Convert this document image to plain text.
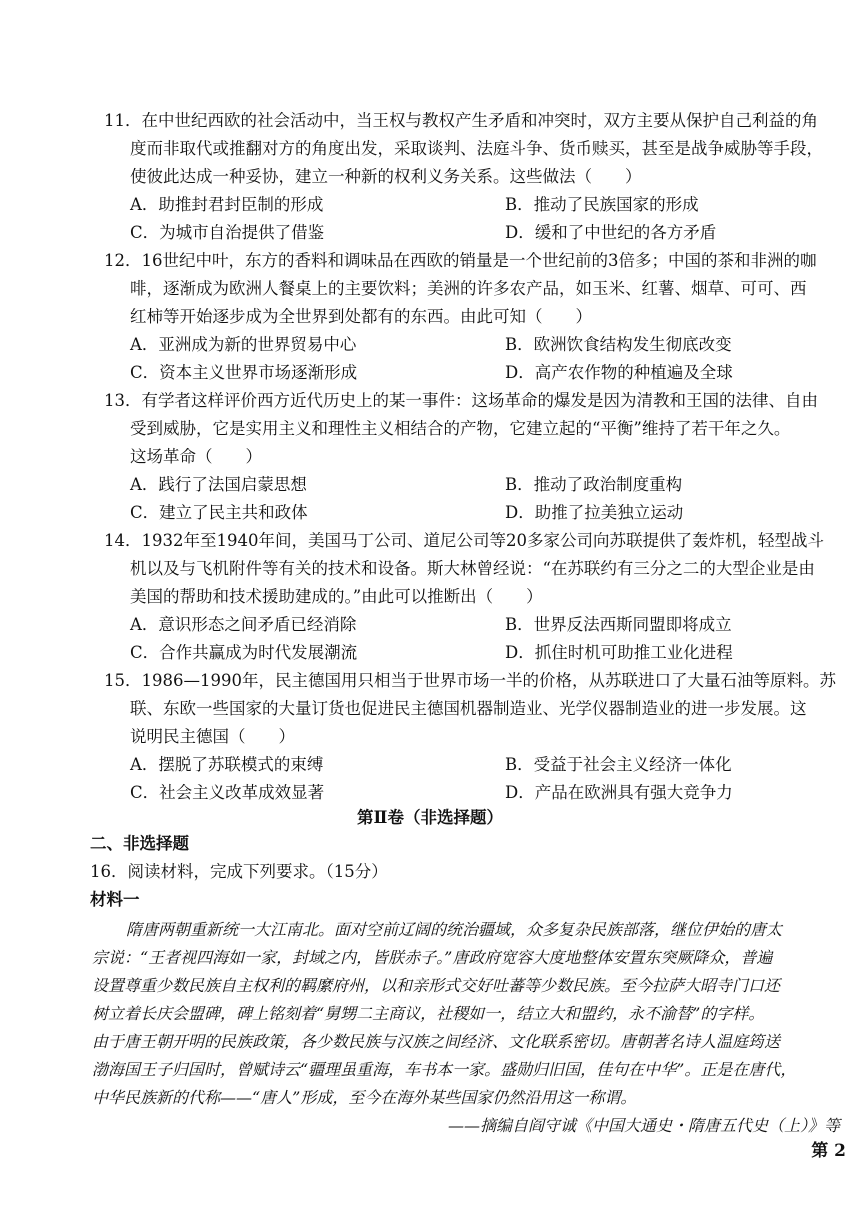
11．在中世纪西欧的社会活动中，当王权与教权产生矛盾和冲突时，双方主要从保护自己利益的角
度而非取代或推翻对方的角度出发，采取谈判、法庭斗争、货币赎买，甚至是战争威胁等手段，
使彼此达成一种妥协，建立一种新的权利义务关系。这些做法（　　）
A．助推封君封臣制的形成	B．推动了民族国家的形成
C．为城市自治提供了借鉴	D．缓和了中世纪的各方矛盾
12．16世纪中叶，东方的香料和调味品在西欧的销量是一个世纪前的3倍多；中国的茶和非洲的咖
啡，逐渐成为欧洲人餐桌上的主要饮料；美洲的许多农产品，如玉米、红薯、烟草、可可、西
红柿等开始逐步成为全世界到处都有的东西。由此可知（　　）
A．亚洲成为新的世界贸易中心	B．欧洲饮食结构发生彻底改变
C．资本主义世界市场逐渐形成	D．高产农作物的种植遍及全球
13．有学者这样评价西方近代历史上的某一事件：这场革命的爆发是因为清教和王国的法律、自由
受到威胁，它是实用主义和理性主义相结合的产物，它建立起的“平衡”维持了若干年之久。
这场革命（　　）
A．践行了法国启蒙思想	B．推动了政治制度重构
C．建立了民主共和政体	D．助推了拉美独立运动
14．1932年至1940年间，美国马丁公司、道尼公司等20多家公司向苏联提供了轰炸机，轻型战斗
机以及与飞机附件等有关的技术和设备。斯大林曾经说：“在苏联约有三分之二的大型企业是由
美国的帮助和技术援助建成的。”由此可以推断出（　　）
A．意识形态之间矛盾已经消除	B．世界反法西斯同盟即将成立
C．合作共赢成为时代发展潮流	D．抓住时机可助推工业化进程
15．1986—1990年，民主德国用只相当于世界市场一半的价格，从苏联进口了大量石油等原料。苏
联、东欧一些国家的大量订货也促进民主德国机器制造业、光学仪器制造业的进一步发展。这
说明民主德国（　　）
A．摆脱了苏联模式的束缚	B．受益于社会主义经济一体化
C．社会主义改革成效显著	D．产品在欧洲具有强大竞争力
第Ⅱ卷（非选择题）
二、非选择题
16．阅读材料，完成下列要求。（15分）
材料一
隋唐两朝重新统一大江南北。面对空前辽阔的统治疆域，众多复杂民族部落，继位伊始的唐太
宗说：“王者视四海如一家，封域之内，皆朕赤子。”唐政府宽容大度地整体安置东突厥降众，普遍
设置尊重少数民族自主权利的羁縻府州，以和亲形式交好吐蕃等少数民族。至今拉萨大昭寺门口还
树立着长庆会盟碑，碑上铭刻着“舅甥二主商议，社稷如一，结立大和盟约，永不渝替”的字样。
由于唐王朝开明的民族政策，各少数民族与汉族之间经济、文化联系密切。唐朝著名诗人温庭筠送
渤海国王子归国时，曾赋诗云“疆理虽重海，车书本一家。盛勋归旧国，佳句在中华”。正是在唐代，
中华民族新的代称——“唐人”形成，至今在海外某些国家仍然沿用这一称谓。
——摘编自阎守诚《中国大通史・隋唐五代史（上）》等
第 2
